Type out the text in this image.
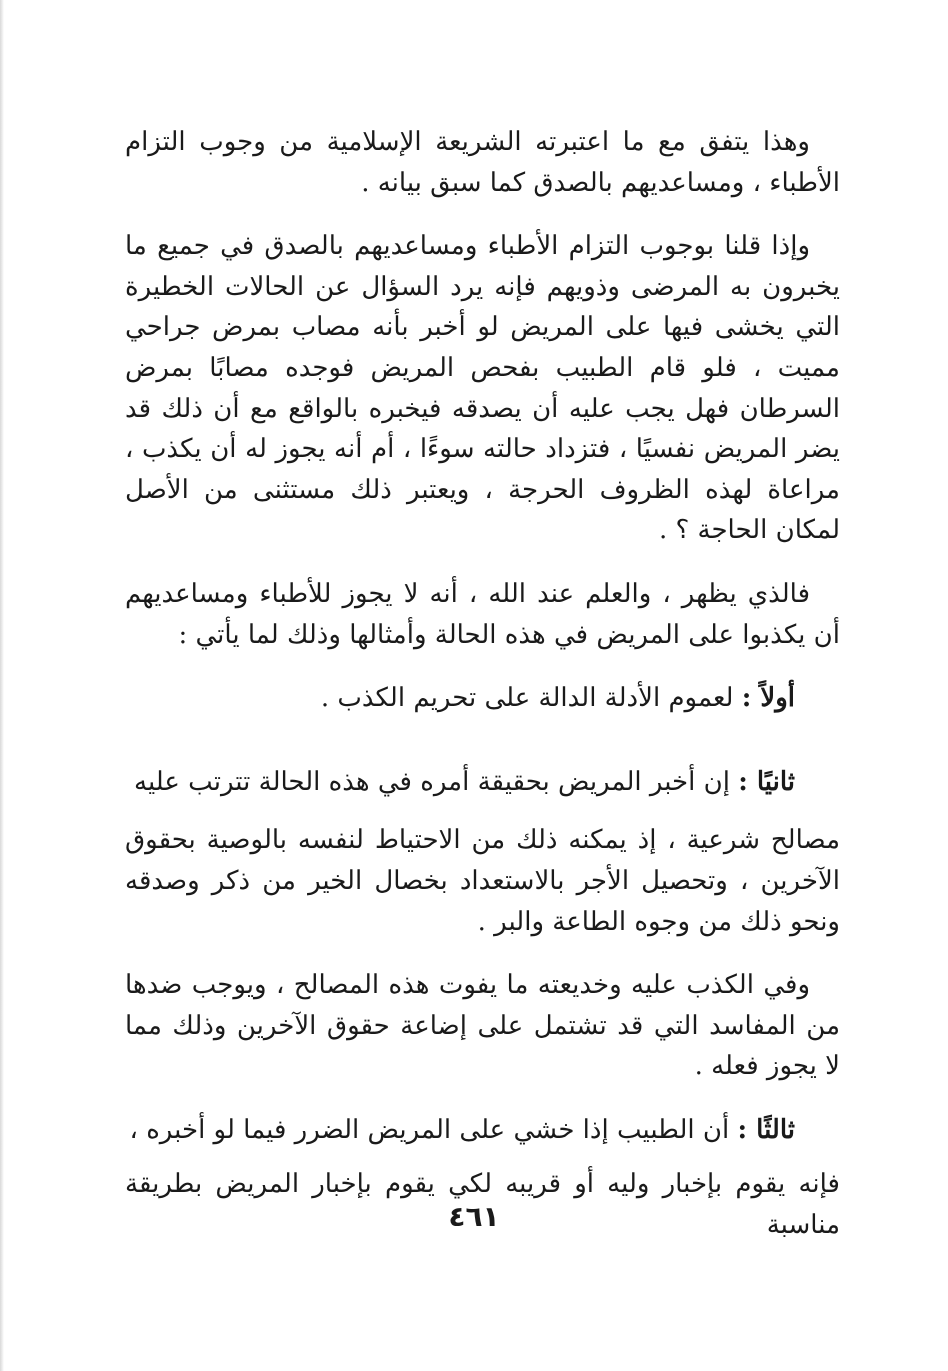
وهذا يتفق مع ما اعتبرته الشريعة الإسلامية من وجوب التزام الأطباء ، ومساعديهم بالصدق كما سبق بيانه .

وإذا قلنا بوجوب التزام الأطباء ومساعديهم بالصدق في جميع ما يخبرون به المرضى وذويهم فإنه يرد السؤال عن الحالات الخطيرة التي يخشى فيها على المريض لو أخبر بأنه مصاب بمرض جراحي مميت ، فلو قام الطبيب بفحص المريض فوجده مصابًا بمرض السرطان فهل يجب عليه أن يصدقه فيخبره بالواقع مع أن ذلك قد يضر المريض نفسيًا ، فتزداد حالته سوءًا ، أم أنه يجوز له أن يكذب ، مراعاة لهذه الظروف الحرجة ، ويعتبر ذلك مستثنى من الأصل لمكان الحاجة ؟ .

فالذي يظهر ، والعلم عند الله ، أنه لا يجوز للأطباء ومساعديهم أن يكذبوا على المريض في هذه الحالة وأمثالها وذلك لما يأتي :

أولاً : لعموم الأدلة الدالة على تحريم الكذب .

ثانيًا : إن أخبر المريض بحقيقة أمره في هذه الحالة تترتب عليه

مصالح شرعية ، إذ يمكنه ذلك من الاحتياط لنفسه بالوصية بحقوق الآخرين ، وتحصيل الأجر بالاستعداد بخصال الخير من ذكر وصدقه ونحو ذلك من وجوه الطاعة والبر .

وفي الكذب عليه وخديعته ما يفوت هذه المصالح ، ويوجب ضدها من المفاسد التي قد تشتمل على إضاعة حقوق الآخرين وذلك مما لا يجوز فعله .

ثالثًا : أن الطبيب إذا خشي على المريض الضرر فيما لو أخبره ،

فإنه يقوم بإخبار وليه أو قريبه لكي يقوم بإخبار المريض بطريقة مناسبة

٤٦١
